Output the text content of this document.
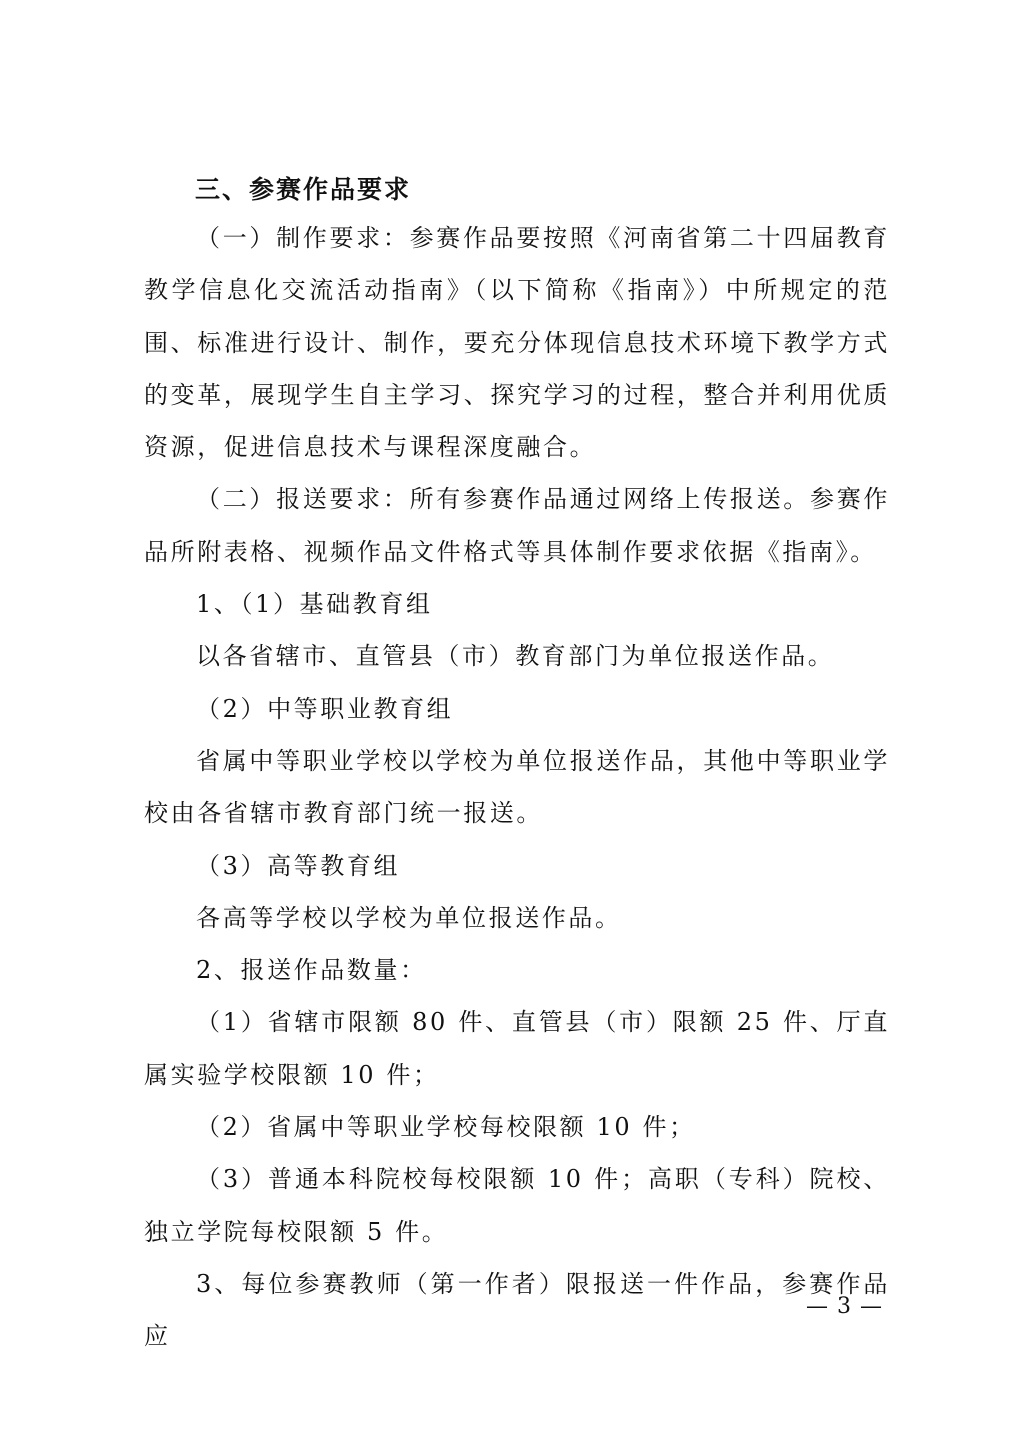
三、参赛作品要求

（一）制作要求：参赛作品要按照《河南省第二十四届教育教学信息化交流活动指南》（以下简称《指南》）中所规定的范围、标准进行设计、制作，要充分体现信息技术环境下教学方式的变革，展现学生自主学习、探究学习的过程，整合并利用优质资源，促进信息技术与课程深度融合。

（二）报送要求：所有参赛作品通过网络上传报送。参赛作品所附表格、视频作品文件格式等具体制作要求依据《指南》。

1、（1）基础教育组

以各省辖市、直管县（市）教育部门为单位报送作品。

（2）中等职业教育组

省属中等职业学校以学校为单位报送作品，其他中等职业学校由各省辖市教育部门统一报送。

（3）高等教育组

各高等学校以学校为单位报送作品。

2、报送作品数量：

（1）省辖市限额 80 件、直管县（市）限额 25 件、厅直属实验学校限额 10 件；

（2）省属中等职业学校每校限额 10 件；

（3）普通本科院校每校限额 10 件；高职（专科）院校、独立学院每校限额 5 件。

3、每位参赛教师（第一作者）限报送一件作品，参赛作品应

— 3 —
